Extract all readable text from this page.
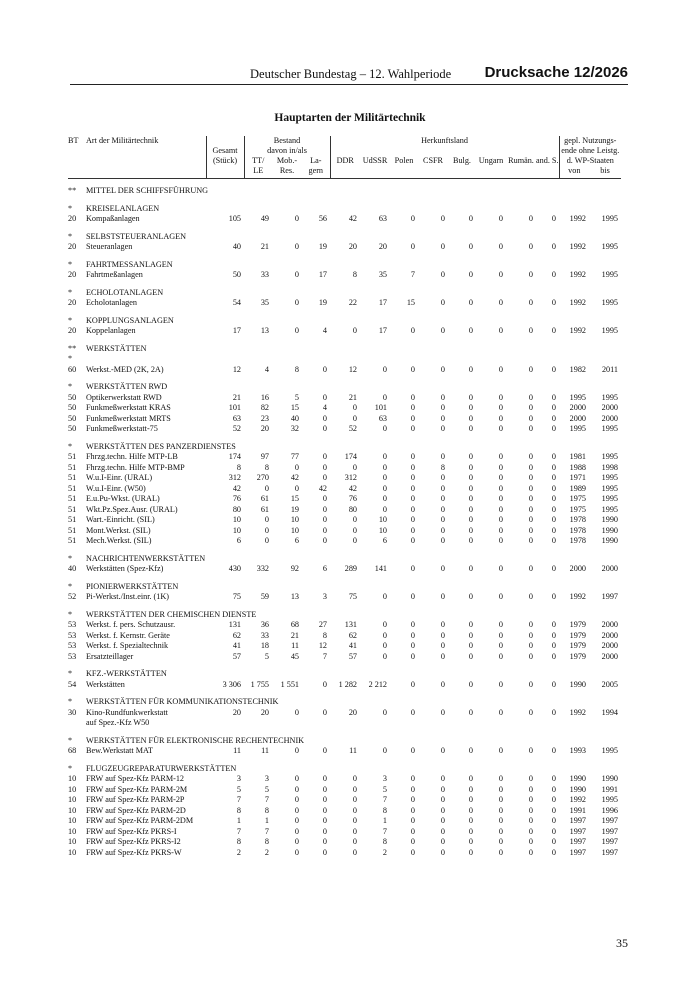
Deutscher Bundestag – 12. Wahlperiode Drucksache 12/2026
Hauptarten der Militärtechnik
BT	Art der Militärtechnik		Bestand			Herkunftsland								gepl. Nutzungs-	
		Gesamt	davon in/als											ende ohne Leistg.	
		(Stück)	TT/	Mob.-	La-	DDR	UdSSR	Polen	CSFR	Bulg.	Ungarn	Rumän.	and. S.	d. WP-Staaten	
			LE	Res.	gern									von	bis
**	MITTEL DER SCHIFFSFÜHRUNG														
*	KREISELANLAGEN														
20	Kompaßanlagen	105	49	0	56	42	63	0	0	0	0	0	0	1992	1995
*	SELBSTSTEUERANLAGEN														
20	Steueranlagen	40	21	0	19	20	20	0	0	0	0	0	0	1992	1995
*	FAHRTMESSANLAGEN														
20	Fahrtmeßanlagen	50	33	0	17	8	35	7	0	0	0	0	0	1992	1995
*	ECHOLOTANLAGEN														
20	Echolotanlagen	54	35	0	19	22	17	15	0	0	0	0	0	1992	1995
*	KOPPLUNGSANLAGEN														
20	Koppelanlagen	17	13	0	4	0	17	0	0	0	0	0	0	1992	1995
**	WERKSTÄTTEN														
*															
60	Werkst.-MED (2K, 2A)	12	4	8	0	12	0	0	0	0	0	0	0	1982	2011
*	WERKSTÄTTEN RWD														
50	Optikerwerkstatt RWD	21	16	5	0	21	0	0	0	0	0	0	0	1995	1995
50	Funkmeßwerkstatt KRAS	101	82	15	4	0	101	0	0	0	0	0	0	2000	2000
50	Funkmeßwerkstatt MRTS	63	23	40	0	0	63	0	0	0	0	0	0	2000	2000
50	Funkmeßwerkstatt-75	52	20	32	0	52	0	0	0	0	0	0	0	1995	1995
*	WERKSTÄTTEN DES PANZERDIENSTES														
51	Fhrzg.techn. Hilfe MTP-LB	174	97	77	0	174	0	0	0	0	0	0	0	1981	1995
51	Fhrzg.techn. Hilfe MTP-BMP	8	8	0	0	0	0	0	8	0	0	0	0	1988	1998
51	W.u.I-Einr. (URAL)	312	270	42	0	312	0	0	0	0	0	0	0	1971	1995
51	W.u.I-Einr. (W50)	42	0	0	42	42	0	0	0	0	0	0	0	1989	1995
51	E.u.Pu-Wkst. (URAL)	76	61	15	0	76	0	0	0	0	0	0	0	1975	1995
51	Wkt.Pz.Spez.Ausr. (URAL)	80	61	19	0	80	0	0	0	0	0	0	0	1975	1995
51	Wart.-Einricht. (SIL)	10	0	10	0	0	10	0	0	0	0	0	0	1978	1990
51	Mont.Werkst. (SIL)	10	0	10	0	0	10	0	0	0	0	0	0	1978	1990
51	Mech.Werkst. (SIL)	6	0	6	0	0	6	0	0	0	0	0	0	1978	1990
*	NACHRICHTENWERKSTÄTTEN														
40	Werkstätten (Spez-Kfz)	430	332	92	6	289	141	0	0	0	0	0	0	2000	2000
*	PIONIERWERKSTÄTTEN														
52	Pi-Werkst./Inst.einr. (1K)	75	59	13	3	75	0	0	0	0	0	0	0	1992	1997
*	WERKSTÄTTEN DER CHEMISCHEN DIENSTE														
53	Werkst. f. pers. Schutzausr.	131	36	68	27	131	0	0	0	0	0	0	0	1979	2000
53	Werkst. f. Kernstr. Geräte	62	33	21	8	62	0	0	0	0	0	0	0	1979	2000
53	Werkst. f. Spezialtechnik	41	18	11	12	41	0	0	0	0	0	0	0	1979	2000
53	Ersatzteillager	57	5	45	7	57	0	0	0	0	0	0	0	1979	2000
*	KFZ.-WERKSTÄTTEN														
54	Werkstätten	3 306	1 755	1 551	0	1 282	2 212	0	0	0	0	0	0	1990	2005
*	WERKSTÄTTEN FÜR KOMMUNIKATIONSTECHNIK														
30	Kino-Rundfunkwerkstatt	20	20	0	0	20	0	0	0	0	0	0	0	1992	1994
	auf Spez.-Kfz W50														
*	WERKSTÄTTEN FÜR ELEKTRONISCHE RECHENTECHNIK														
68	Bew.Werkstatt MAT	11	11	0	0	11	0	0	0	0	0	0	0	1993	1995
*	FLUGZEUGREPARATURWERKSTÄTTEN														
10	FRW auf Spez-Kfz PARM-12	3	3	0	0	0	3	0	0	0	0	0	0	1990	1990
10	FRW auf Spez-Kfz PARM-2M	5	5	0	0	0	5	0	0	0	0	0	0	1990	1991
10	FRW auf Spez-Kfz PARM-2P	7	7	0	0	0	7	0	0	0	0	0	0	1992	1995
10	FRW auf Spez-Kfz PARM-2D	8	8	0	0	0	8	0	0	0	0	0	0	1991	1996
10	FRW auf Spez-Kfz PARM-2DM	1	1	0	0	0	1	0	0	0	0	0	0	1997	1997
10	FRW auf Spez-Kfz PKRS-I	7	7	0	0	0	7	0	0	0	0	0	0	1997	1997
10	FRW auf Spez-Kfz PKRS-I2	8	8	0	0	0	8	0	0	0	0	0	0	1997	1997
10	FRW auf Spez-Kfz PKRS-W	2	2	0	0	0	2	0	0	0	0	0	0	1997	1997
35
